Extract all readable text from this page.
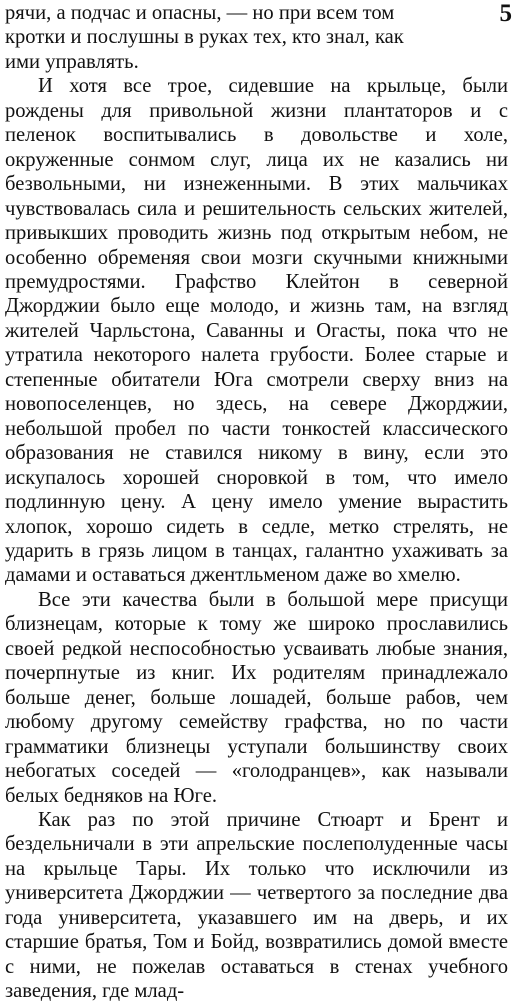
5

рячи, а подчас и опасны, — но при всем том кротки и послушны в руках тех, кто знал, как ими управлять.

И хотя все трое, сидевшие на крыльце, были рождены для привольной жизни плантаторов и с пеленок воспитывались в довольстве и холе, окруженные сонмом слуг, лица их не казались ни безвольными, ни изнеженными. В этих мальчиках чувствовалась сила и решительность сельских жителей, привыкших проводить жизнь под открытым небом, не особенно обременяя свои мозги скучными книжными премудростями. Графство Клейтон в северной Джорджии было еще молодо, и жизнь там, на взгляд жителей Чарльстона, Саванны и Огасты, пока что не утратила некоторого налета грубости. Более старые и степенные обитатели Юга смотрели сверху вниз на новопоселенцев, но здесь, на севере Джорджии, небольшой пробел по части тонкостей классического образования не ставился никому в вину, если это искупалось хорошей сноровкой в том, что имело подлинную цену. А цену имело умение вырастить хлопок, хорошо сидеть в седле, метко стрелять, не ударить в грязь лицом в танцах, галантно ухаживать за дамами и оставаться джентльменом даже во хмелю.

Все эти качества были в большой мере присущи близнецам, которые к тому же широко прославились своей редкой неспособностью усваивать любые знания, почерпнутые из книг. Их родителям принадлежало больше денег, больше лошадей, больше рабов, чем любому другому семейству графства, но по части грамматики близнецы уступали большинству своих небогатых соседей — «голодранцев», как называли белых бедняков на Юге.

Как раз по этой причине Стюарт и Брент и бездельничали в эти апрельские послеполуденные часы на крыльце Тары. Их только что исключили из университета Джорджии — четвертого за последние два года университета, указавшего им на дверь, и их старшие братья, Том и Бойд, возвратились домой вместе с ними, не пожелав оставаться в стенах учебного заведения, где млад-
